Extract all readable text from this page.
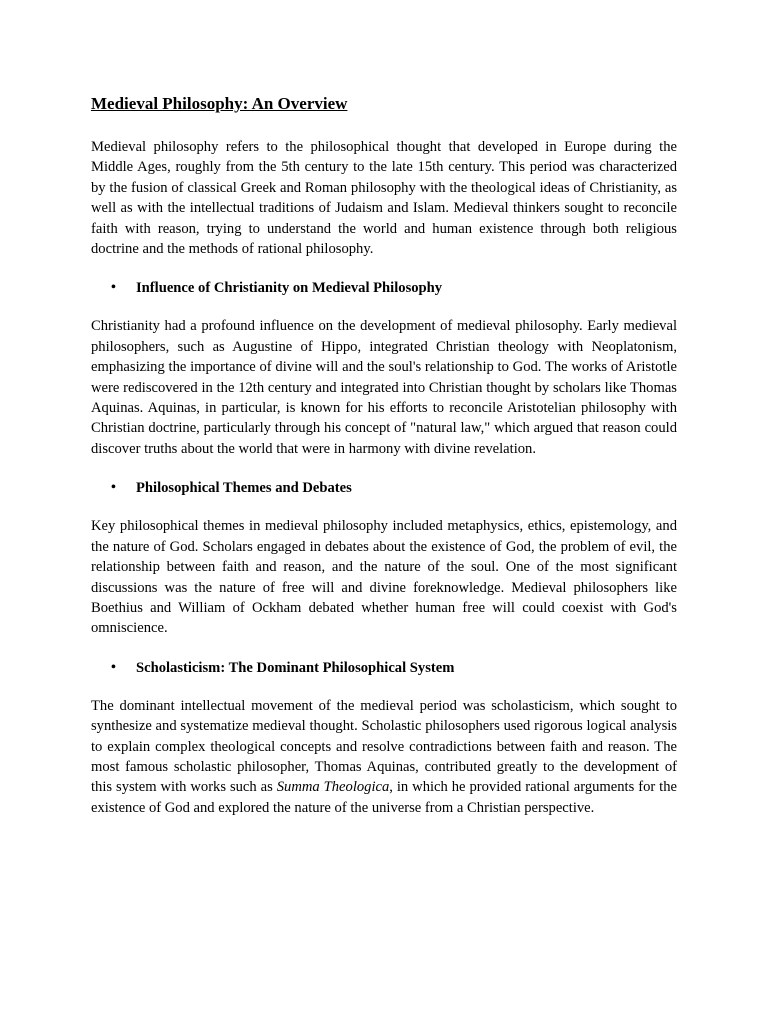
Medieval Philosophy: An Overview

Medieval philosophy refers to the philosophical thought that developed in Europe during the Middle Ages, roughly from the 5th century to the late 15th century. This period was characterized by the fusion of classical Greek and Roman philosophy with the theological ideas of Christianity, as well as with the intellectual traditions of Judaism and Islam. Medieval thinkers sought to reconcile faith with reason, trying to understand the world and human existence through both religious doctrine and the methods of rational philosophy.

•	Influence of Christianity on Medieval Philosophy

Christianity had a profound influence on the development of medieval philosophy. Early medieval philosophers, such as Augustine of Hippo, integrated Christian theology with Neoplatonism, emphasizing the importance of divine will and the soul's relationship to God. The works of Aristotle were rediscovered in the 12th century and integrated into Christian thought by scholars like Thomas Aquinas. Aquinas, in particular, is known for his efforts to reconcile Aristotelian philosophy with Christian doctrine, particularly through his concept of "natural law," which argued that reason could discover truths about the world that were in harmony with divine revelation.

•	Philosophical Themes and Debates

Key philosophical themes in medieval philosophy included metaphysics, ethics, epistemology, and the nature of God. Scholars engaged in debates about the existence of God, the problem of evil, the relationship between faith and reason, and the nature of the soul. One of the most significant discussions was the nature of free will and divine foreknowledge. Medieval philosophers like Boethius and William of Ockham debated whether human free will could coexist with God's omniscience.

•	Scholasticism: The Dominant Philosophical System

The dominant intellectual movement of the medieval period was scholasticism, which sought to synthesize and systematize medieval thought. Scholastic philosophers used rigorous logical analysis to explain complex theological concepts and resolve contradictions between faith and reason. The most famous scholastic philosopher, Thomas Aquinas, contributed greatly to the development of this system with works such as Summa Theologica, in which he provided rational arguments for the existence of God and explored the nature of the universe from a Christian perspective.
